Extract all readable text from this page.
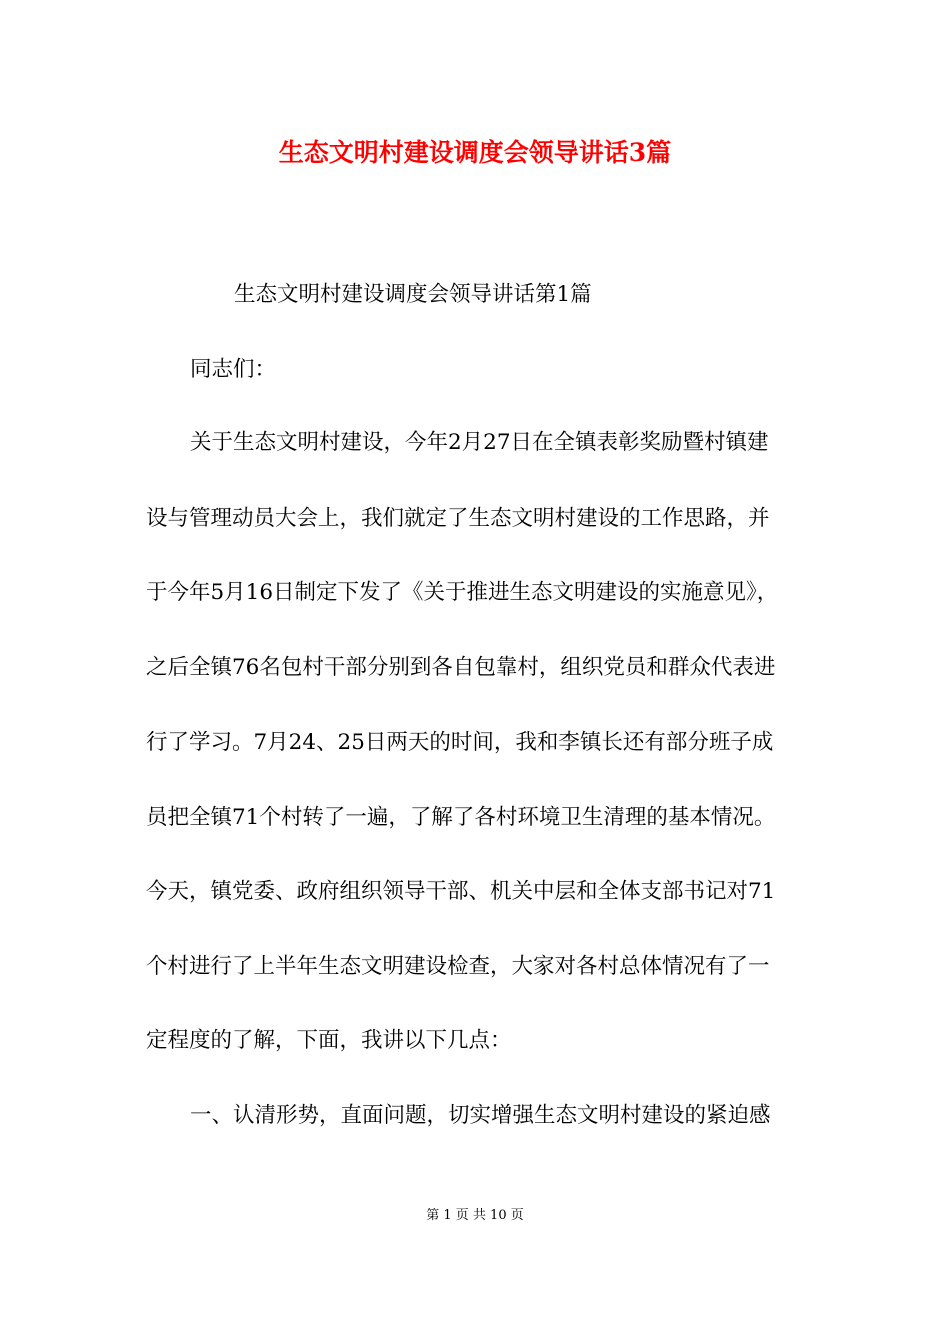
生态文明村建设调度会领导讲话3篇
生态文明村建设调度会领导讲话第1篇
同志们：
关于生态文明村建设，今年2月27日在全镇表彰奖励暨村镇建
设与管理动员大会上，我们就定了生态文明村建设的工作思路，并
于今年5月16日制定下发了《关于推进生态文明建设的实施意见》，
之后全镇76名包村干部分别到各自包靠村，组织党员和群众代表进
行了学习。7月24、25日两天的时间，我和李镇长还有部分班子成
员把全镇71个村转了一遍，了解了各村环境卫生清理的基本情况。
今天，镇党委、政府组织领导干部、机关中层和全体支部书记对71
个村进行了上半年生态文明建设检查，大家对各村总体情况有了一
定程度的了解，下面，我讲以下几点：
一、认清形势，直面问题，切实增强生态文明村建设的紧迫感
第 1 页 共 10 页
